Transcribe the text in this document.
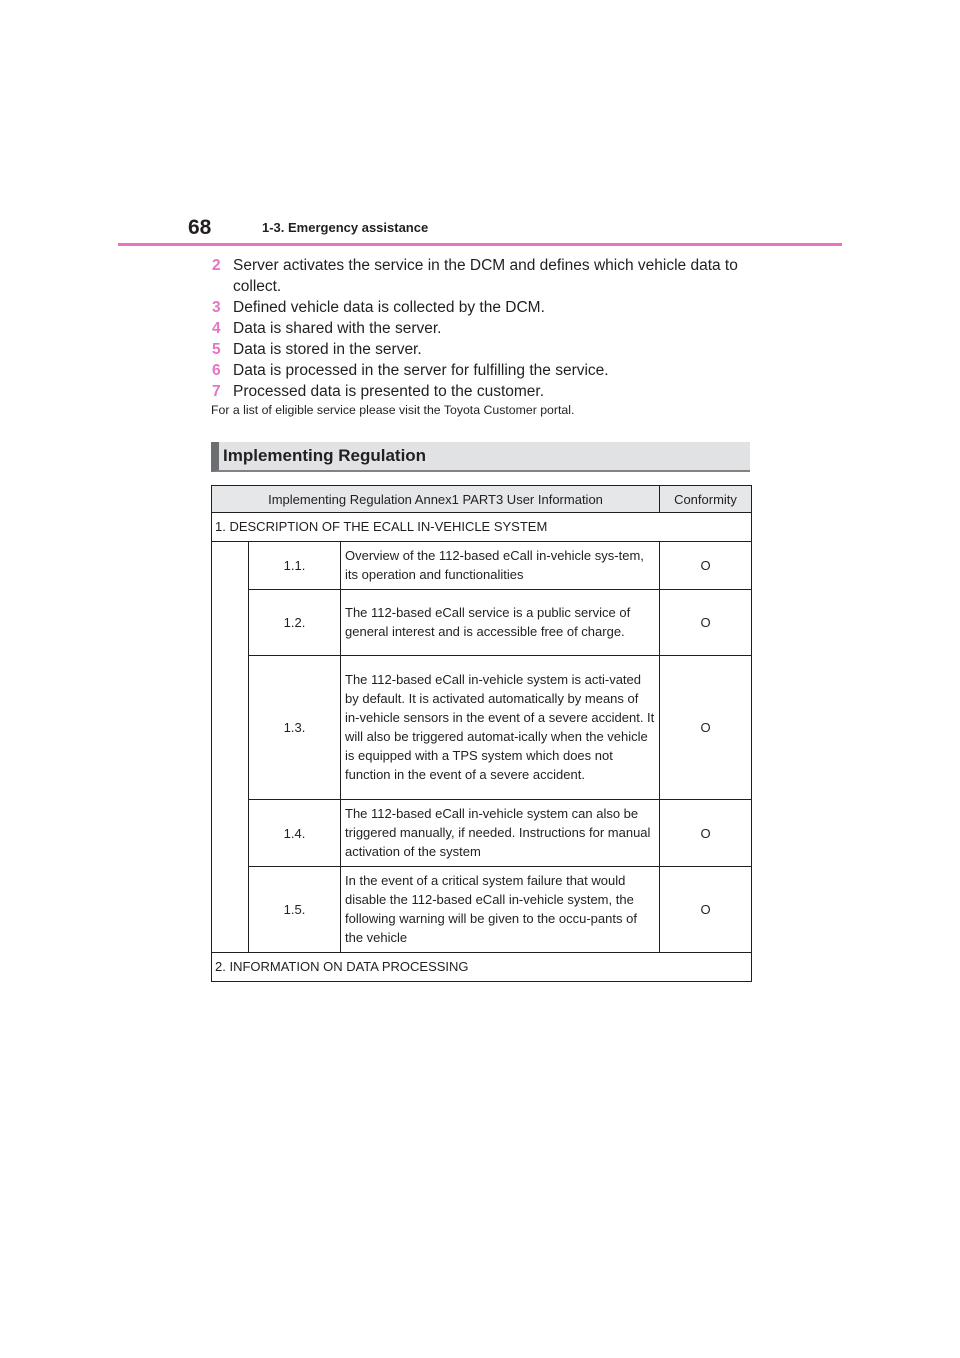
68	1-3. Emergency assistance
2 Server activates the service in the DCM and defines which vehicle data to collect.
3 Defined vehicle data is collected by the DCM.
4 Data is shared with the server.
5 Data is stored in the server.
6 Data is processed in the server for fulfilling the service.
7 Processed data is presented to the customer.
For a list of eligible service please visit the Toyota Customer portal.
Implementing Regulation
Implementing Regulation Annex1 PART3 User Information			Conformity
1. DESCRIPTION OF THE ECALL IN-VEHICLE SYSTEM			
	1.1.	Overview of the 112-based eCall in-vehicle sys-tem, its operation and functionalities	O
	1.2.	The 112-based eCall service is a public service of general interest and is accessible free of charge.	O
	1.3.	The 112-based eCall in-vehicle system is acti-vated by default. It is activated automatically by means of in-vehicle sensors in the event of a severe accident. It will also be triggered automat-ically when the vehicle is equipped with a TPS system which does not function in the event of a severe accident.	O
	1.4.	The 112-based eCall in-vehicle system can also be triggered manually, if needed. Instructions for manual activation of the system	O
	1.5.	In the event of a critical system failure that would disable the 112-based eCall in-vehicle system, the following warning will be given to the occu-pants of the vehicle	O
2. INFORMATION ON DATA PROCESSING			
